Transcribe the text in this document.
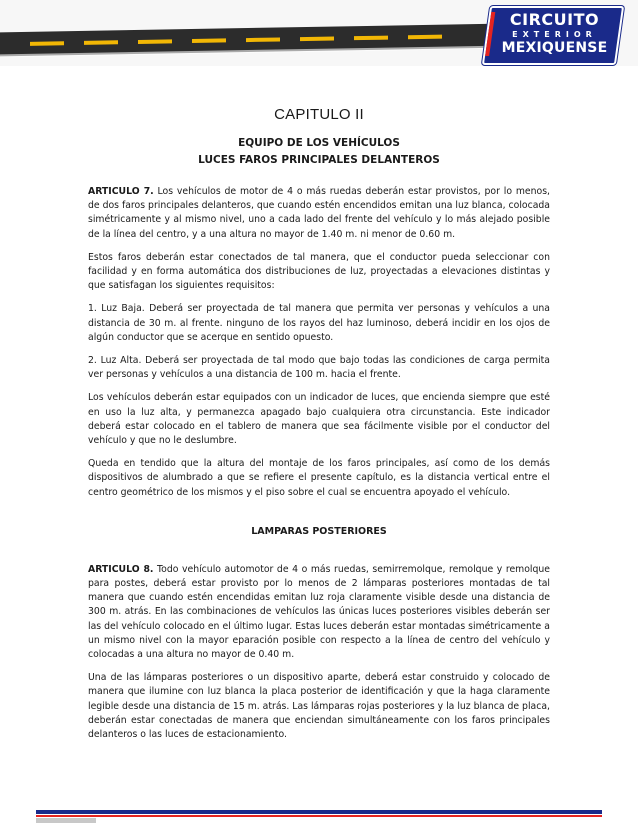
CIRCUITO
EXTERIOR
MEXIQUENSE
CAPITULO II
EQUIPO DE LOS VEHÍCULOS
LUCES FAROS PRINCIPALES DELANTEROS

ARTICULO 7. Los vehículos de motor de 4 o más ruedas deberán estar provistos, por lo menos, de dos faros principales delanteros, que cuando estén encendidos emitan una luz blanca, colocada simétricamente y al mismo nivel, uno a cada lado del frente del vehículo y lo más alejado posible de la línea del centro, y a una altura no mayor de 1.40 m. ni menor de 0.60 m.

Estos faros deberán estar conectados de tal manera, que el conductor pueda seleccionar con facilidad y en forma automática dos distribuciones de luz, proyectadas a elevaciones distintas y que satisfagan los siguientes requisitos:

1. Luz Baja. Deberá ser proyectada de tal manera que permita ver personas y vehículos a una distancia de 30 m. al frente. ninguno de los rayos del haz luminoso, deberá incidir en los ojos de algún conductor que se acerque en sentido opuesto.

2. Luz Alta. Deberá ser proyectada de tal modo que bajo todas las condiciones de carga permita ver personas y vehículos a una distancia de 100 m. hacia el frente.

Los vehículos deberán estar equipados con un indicador de luces, que encienda siempre que esté en uso la luz alta, y permanezca apagado bajo cualquiera otra circunstancia. Este indicador deberá estar colocado en el tablero de manera que sea fácilmente visible por el conductor del vehículo y que no le deslumbre.

Queda en tendido que la altura del montaje de los faros principales, así como de los demás dispositivos de alumbrado a que se refiere el presente capítulo, es la distancia vertical entre el centro geométrico de los mismos y el piso sobre el cual se encuentra apoyado el vehículo.

LAMPARAS POSTERIORES

ARTICULO 8. Todo vehículo automotor de 4 o más ruedas, semirremolque, remolque y remolque para postes, deberá estar provisto por lo menos de 2 lámparas posteriores montadas de tal manera que cuando estén encendidas emitan luz roja claramente visible desde una distancia de 300 m. atrás. En las combinaciones de vehículos las únicas luces posteriores visibles deberán ser las del vehículo colocado en el último lugar. Estas luces deberán estar montadas simétricamente a un mismo nivel con la mayor eparación posible con respecto a la línea de centro del vehículo y colocadas a una altura no mayor de 0.40 m.

Una de las lámparas posteriores o un dispositivo aparte, deberá estar construido y colocado de manera que ilumine con luz blanca la placa posterior de identificación y que la haga claramente legible desde una distancia de 15 m. atrás. Las lámparas rojas posteriores y la luz blanca de placa, deberán estar conectadas de manera que enciendan simultáneamente con los faros principales delanteros o las luces de estacionamiento.
